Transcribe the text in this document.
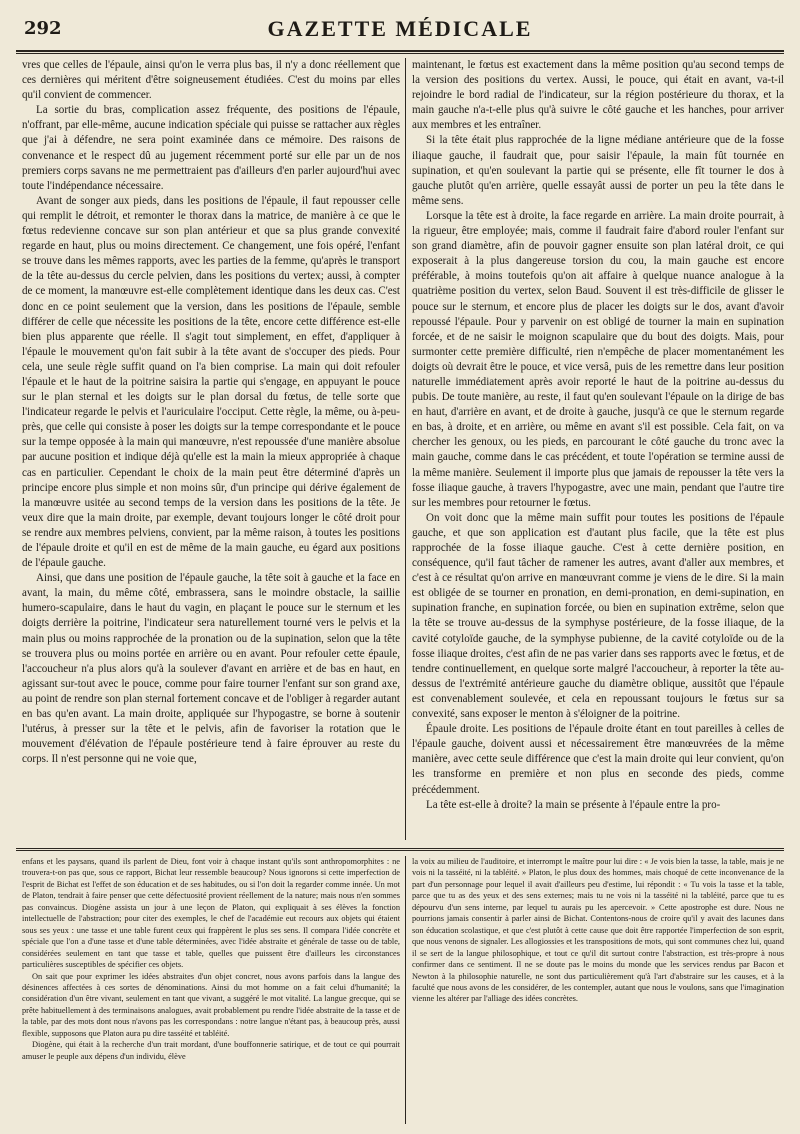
292	GAZETTE MÉDICALE

vres que celles de l'épaule, ainsi qu'on le verra plus bas, il n'y a donc réellement que ces dernières qui méritent d'être soigneusement étudiées. C'est du moins par elles qu'il convient de commencer.

La sortie du bras, complication assez fréquente, des positions de l'épaule, n'offrant, par elle-même, aucune indication spéciale qui puisse se rattacher aux règles que j'ai à défendre, ne sera point examinée dans ce mémoire. Des raisons de convenance et le respect dû au jugement récemment porté sur elle par un de nos premiers corps savans ne me permettraient pas d'ailleurs d'en parler aujourd'hui avec toute l'indépendance nécessaire.

Avant de songer aux pieds, dans les positions de l'épaule, il faut repousser celle qui remplit le détroit, et remonter le thorax dans la matrice, de manière à ce que le fœtus redevienne concave sur son plan antérieur et que sa plus grande convexité regarde en haut, plus ou moins directement. Ce changement, une fois opéré, l'enfant se trouve dans les mêmes rapports, avec les parties de la femme, qu'après le transport de la tête au-dessus du cercle pelvien, dans les positions du vertex; aussi, à compter de ce moment, la manœuvre est-elle complètement identique dans les deux cas. C'est donc en ce point seulement que la version, dans les positions de l'épaule, semble différer de celle que nécessite les positions de la tête, encore cette différence est-elle bien plus apparente que réelle. Il s'agit tout simplement, en effet, d'appliquer à l'épaule le mouvement qu'on fait subir à la tête avant de s'occuper des pieds. Pour cela, une seule règle suffit quand on l'a bien comprise. La main qui doit refouler l'épaule et le haut de la poitrine saisira la partie qui s'engage, en appuyant le pouce sur le plan sternal et les doigts sur le plan dorsal du fœtus, de telle sorte que l'indicateur regarde le pelvis et l'auriculaire l'occiput. Cette règle, la même, ou à-peu-près, que celle qui consiste à poser les doigts sur la tempe correspondante et le pouce sur la tempe opposée à la main qui manœuvre, n'est repoussée d'une manière absolue par aucune position et indique déjà qu'elle est la main la mieux appropriée à chaque cas en particulier. Cependant le choix de la main peut être déterminé d'après un principe encore plus simple et non moins sûr, d'un principe qui dérive également de la manœuvre usitée au second temps de la version dans les positions de la tête. Je veux dire que la main droite, par exemple, devant toujours longer le côté droit pour se rendre aux membres pelviens, convient, par la même raison, à toutes les positions de l'épaule droite et qu'il en est de même de la main gauche, eu égard aux positions de l'épaule gauche.

Ainsi, que dans une position de l'épaule gauche, la tête soit à gauche et la face en avant, la main, du même côté, embrassera, sans le moindre obstacle, la saillie humero-scapulaire, dans le haut du vagin, en plaçant le pouce sur le sternum et les doigts derrière la poitrine, l'indicateur sera naturellement tourné vers le pelvis et la main plus ou moins rapprochée de la pronation ou de la supination, selon que la tête se trouvera plus ou moins portée en arrière ou en avant. Pour refouler cette épaule, l'accoucheur n'a plus alors qu'à la soulever d'avant en arrière et de bas en haut, en agissant sur-tout avec le pouce, comme pour faire tourner l'enfant sur son grand axe, au point de rendre son plan sternal fortement concave et de l'obliger à regarder autant en bas qu'en avant. La main droite, appliquée sur l'hypogastre, se borne à soutenir l'utérus, à presser sur la tête et le pelvis, afin de favoriser la rotation que le mouvement d'élévation de l'épaule postérieure tend à faire éprouver au reste du corps. Il n'est personne qui ne voie que,

maintenant, le fœtus est exactement dans la même position qu'au second temps de la version des positions du vertex. Aussi, le pouce, qui était en avant, va-t-il rejoindre le bord radial de l'indicateur, sur la région postérieure du thorax, et la main gauche n'a-t-elle plus qu'à suivre le côté gauche et les hanches, pour arriver aux membres et les entraîner.

Si la tête était plus rapprochée de la ligne médiane antérieure que de la fosse iliaque gauche, il faudrait que, pour saisir l'épaule, la main fût tournée en supination, et qu'en soulevant la partie qui se présente, elle fît tourner le dos à gauche plutôt qu'en arrière, quelle essayât aussi de porter un peu la tête dans le même sens.

Lorsque la tête est à droite, la face regarde en arrière. La main droite pourrait, à la rigueur, être employée; mais, comme il faudrait faire d'abord rouler l'enfant sur son grand diamètre, afin de pouvoir gagner ensuite son plan latéral droit, ce qui exposerait à la plus dangereuse torsion du cou, la main gauche est encore préférable, à moins toutefois qu'on ait affaire à quelque nuance analogue à la quatrième position du vertex, selon Baud. Souvent il est très-difficile de glisser le pouce sur le sternum, et encore plus de placer les doigts sur le dos, avant d'avoir repoussé l'épaule. Pour y parvenir on est obligé de tourner la main en supination forcée, et de ne saisir le moignon scapulaire que du bout des doigts. Mais, pour surmonter cette première difficulté, rien n'empêche de placer momentanément les doigts où devrait être le pouce, et vice versâ, puis de les remettre dans leur position naturelle immédiatement après avoir reporté le haut de la poitrine au-dessus du pubis. De toute manière, au reste, il faut qu'en soulevant l'épaule on la dirige de bas en haut, d'arrière en avant, et de droite à gauche, jusqu'à ce que le sternum regarde en bas, à droite, et en arrière, ou même en avant s'il est possible. Cela fait, on va chercher les genoux, ou les pieds, en parcourant le côté gauche du tronc avec la main gauche, comme dans le cas précédent, et toute l'opération se termine aussi de la même manière. Seulement il importe plus que jamais de repousser la tête vers la fosse iliaque gauche, à travers l'hypogastre, avec une main, pendant que l'autre tire sur les membres pour retourner le fœtus.

On voit donc que la même main suffit pour toutes les positions de l'épaule gauche, et que son application est d'autant plus facile, que la tête est plus rapprochée de la fosse iliaque gauche. C'est à cette dernière position, en conséquence, qu'il faut tâcher de ramener les autres, avant d'aller aux membres, et c'est à ce résultat qu'on arrive en manœuvrant comme je viens de le dire. Si la main est obligée de se tourner en pronation, en demi-pronation, en demi-supination, en supination franche, en supination forcée, ou bien en supination extrême, selon que la tête se trouve au-dessus de la symphyse postérieure, de la fosse iliaque, de la cavité cotyloïde gauche, de la symphyse pubienne, de la cavité cotyloïde ou de la fosse iliaque droites, c'est afin de ne pas varier dans ses rapports avec le fœtus, et de tendre continuellement, en quelque sorte malgré l'accoucheur, à reporter la tête au-dessus de l'extrémité antérieure gauche du diamètre oblique, aussitôt que l'épaule est convenablement soulevée, et cela en repoussant toujours le fœtus sur sa convexité, sans exposer le menton à s'éloigner de la poitrine.

Épaule droite. Les positions de l'épaule droite étant en tout pareilles à celles de l'épaule gauche, doivent aussi et nécessairement être manœuvrées de la même manière, avec cette seule différence que c'est la main droite qui leur convient, qu'on les transforme en première et non plus en seconde des pieds, comme précédemment.

La tête est-elle à droite? la main se présente à l'épaule entre la pro-

enfans et les paysans, quand ils parlent de Dieu, font voir à chaque instant qu'ils sont anthropomorphites : ne trouvera-t-on pas que, sous ce rapport, Bichat leur ressemble beaucoup? Nous ignorons si cette imperfection de l'esprit de Bichat est l'effet de son éducation et de ses habitudes, ou si l'on doit la regarder comme innée. Un mot de Platon, tendrait à faire penser que cette défectuosité provient réellement de la nature; mais nous n'en sommes pas convaincus. Diogène assista un jour à une leçon de Platon, qui expliquait à ses élèves la fonction intellectuelle de l'abstraction; pour citer des exemples, le chef de l'académie eut recours aux objets qui étaient sous ses yeux : une tasse et une table furent ceux qui frappèrent le plus ses sens. Il compara l'idée concrète et spéciale que l'on a d'une tasse et d'une table déterminées, avec l'idée abstraite et générale de tasse ou de table, considérées seulement en tant que tasse et table, quelles que puissent être d'ailleurs les circonstances particulières susceptibles de spécifier ces objets.

On sait que pour exprimer les idées abstraites d'un objet concret, nous avons parfois dans la langue des désinences affectées à ces sortes de dénominations. Ainsi du mot homme on a fait celui d'humanité; la considération d'un être vivant, seulement en tant que vivant, a suggéré le mot vitalité. La langue grecque, qui se prête habituellement à des terminaisons analogues, avait probablement pu rendre l'idée abstraite de la tasse et de la table, par des mots dont nous n'avons pas les correspondans : notre langue n'étant pas, à beaucoup près, aussi flexible, supposons que Platon aura pu dire tasséité et tabléité.

Diogène, qui était à la recherche d'un trait mordant, d'une bouffonnerie satirique, et de tout ce qui pourrait amuser le peuple aux dépens d'un individu, élève

la voix au milieu de l'auditoire, et interrompt le maître pour lui dire : « Je vois bien la tasse, la table, mais je ne vois ni la tasséité, ni la tabléité. » Platon, le plus doux des hommes, mais choqué de cette inconvenance de la part d'un personnage pour lequel il avait d'ailleurs peu d'estime, lui répondit : « Tu vois la tasse et la table, parce que tu as des yeux et des sens externes; mais tu ne vois ni la tasséité ni la tabléité, parce que tu es dépourvu d'un sens interne, par lequel tu aurais pu les apercevoir. » Cette apostrophe est dure. Nous ne pourrions jamais consentir à parler ainsi de Bichat. Contentons-nous de croire qu'il y avait des lacunes dans son éducation scolastique, et que c'est plutôt à cette cause que doit être rapportée l'imperfection de son esprit, que nous venons de signaler. Les allogiossies et les transpositions de mots, qui sont communes chez lui, quand il se sert de la langue philosophique, et tout ce qu'il dit surtout contre l'abstraction, est très-propre à nous confirmer dans ce sentiment. Il ne se doute pas le moins du monde que les services rendus par Bacon et Newton à la philosophie naturelle, ne sont dus particulièrement qu'à l'art d'abstraire sur les causes, et à la faculté que nous avons de les considérer, de les contempler, autant que nous le voulons, sans que l'imagination vienne les altérer par l'alliage des idées concrètes.
